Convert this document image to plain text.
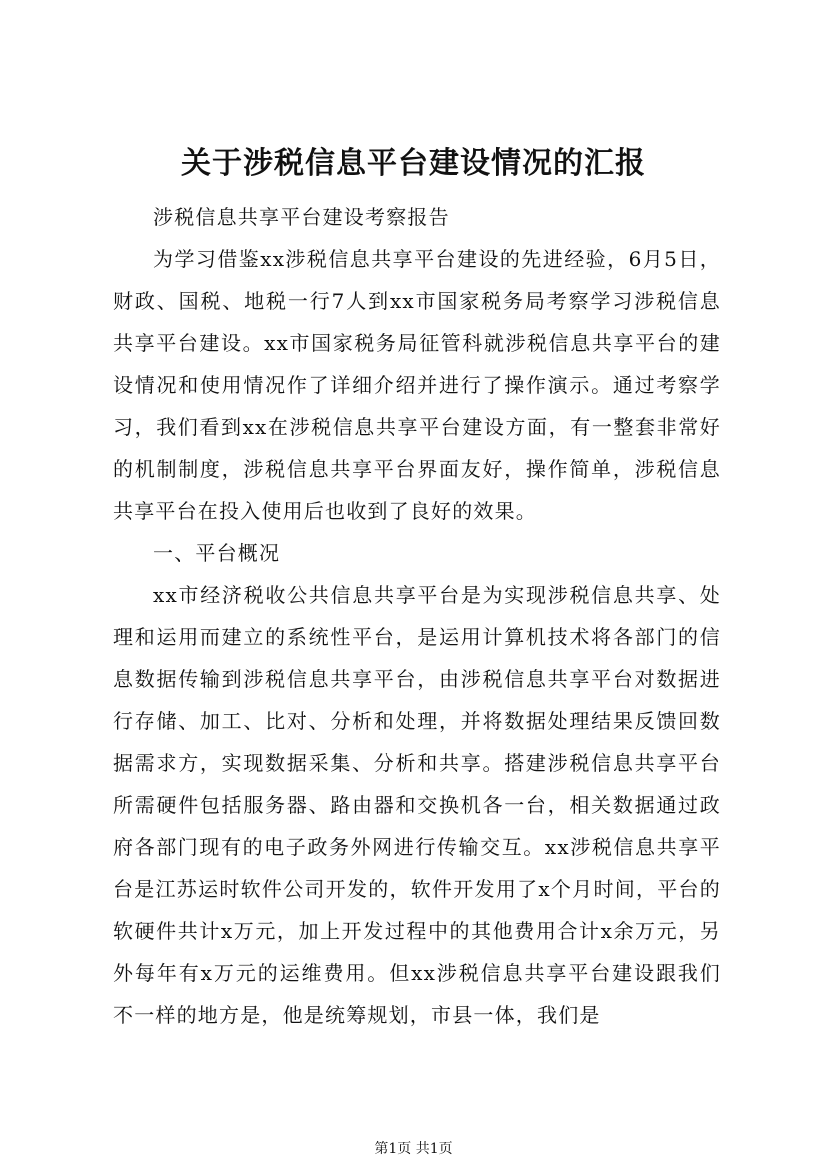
关于涉税信息平台建设情况的汇报

涉税信息共享平台建设考察报告

为学习借鉴xx涉税信息共享平台建设的先进经验，6月5日，财政、国税、地税一行7人到xx市国家税务局考察学习涉税信息共享平台建设。xx市国家税务局征管科就涉税信息共享平台的建设情况和使用情况作了详细介绍并进行了操作演示。通过考察学习，我们看到xx在涉税信息共享平台建设方面，有一整套非常好的机制制度，涉税信息共享平台界面友好，操作简单，涉税信息共享平台在投入使用后也收到了良好的效果。

一、平台概况

xx市经济税收公共信息共享平台是为实现涉税信息共享、处理和运用而建立的系统性平台，是运用计算机技术将各部门的信息数据传输到涉税信息共享平台，由涉税信息共享平台对数据进行存储、加工、比对、分析和处理，并将数据处理结果反馈回数据需求方，实现数据采集、分析和共享。搭建涉税信息共享平台所需硬件包括服务器、路由器和交换机各一台，相关数据通过政府各部门现有的电子政务外网进行传输交互。xx涉税信息共享平台是江苏运时软件公司开发的，软件开发用了x个月时间，平台的软硬件共计x万元，加上开发过程中的其他费用合计x余万元，另外每年有x万元的运维费用。但xx涉税信息共享平台建设跟我们不一样的地方是，他是统筹规划，市县一体，我们是

第1页 共1页
